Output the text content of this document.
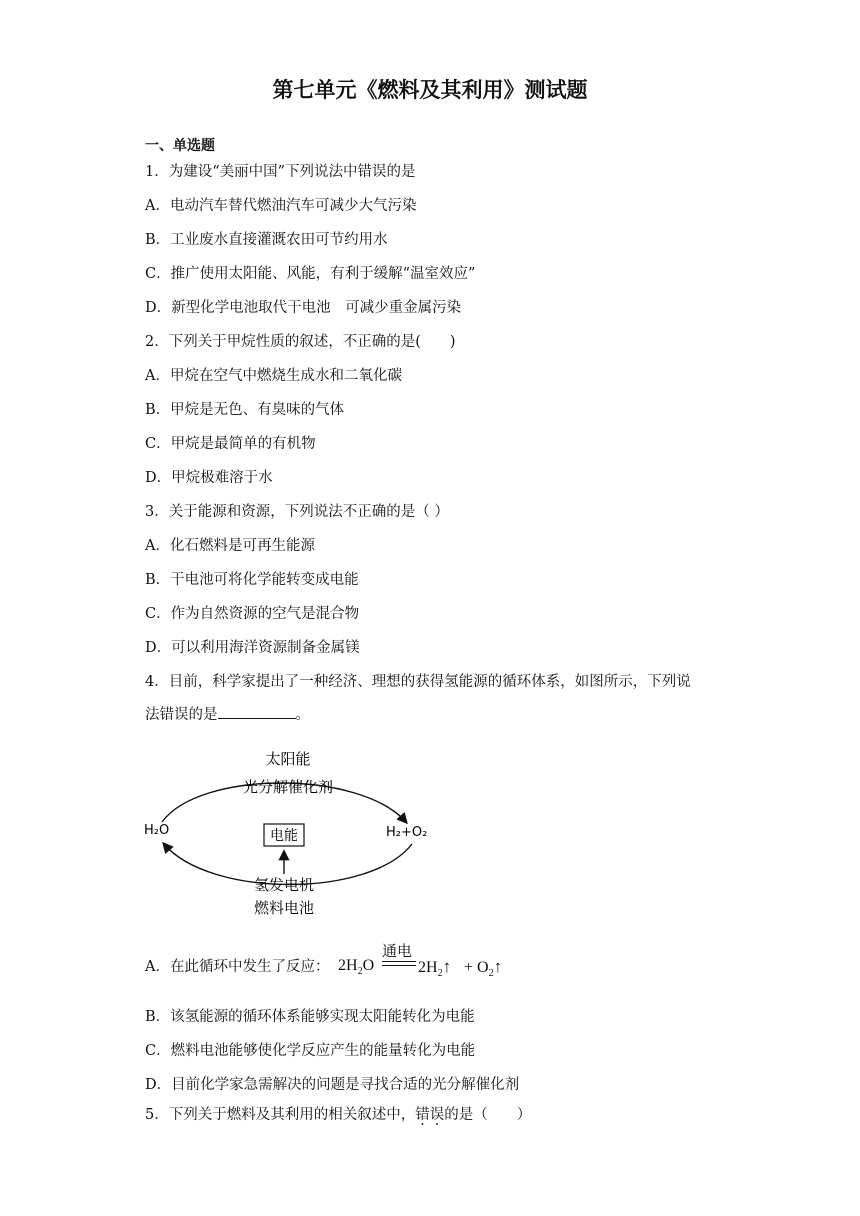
第七单元《燃料及其利用》测试题
一、单选题
1．为建设“美丽中国”下列说法中错误的是
A．电动汽车替代燃油汽车可减少大气污染
B．工业废水直接灌溉农田可节约用水
C．推广使用太阳能、风能，有利于缓解“温室效应”
D．新型化学电池取代干电池　可减少重金属污染
2．下列关于甲烷性质的叙述，不正确的是(　　)
A．甲烷在空气中燃烧生成水和二氧化碳
B．甲烷是无色、有臭味的气体
C．甲烷是最简单的有机物
D．甲烷极难溶于水
3．关于能源和资源，下列说法不正确的是（ ）
A．化石燃料是可再生能源
B．干电池可将化学能转变成电能
C．作为自然资源的空气是混合物
D．可以利用海洋资源制备金属镁
4．目前，科学家提出了一种经济、理想的获得氢能源的循环体系，如图所示，下列说
法错误的是	。
太阳能
光分解催化剂
H₂O	H₂+O₂
电能
氢发电机
燃料电池
A．在此循环中发生了反应：
通电
$2H_2O$	$2H_2↑$ + $O_2↑$
B．该氢能源的循环体系能够实现太阳能转化为电能
C．燃料电池能够使化学反应产生的能量转化为电能
D．目前化学家急需解决的问题是寻找合适的光分解催化剂
5．下列关于燃料及其利用的相关叙述中，错误的是（　　）
